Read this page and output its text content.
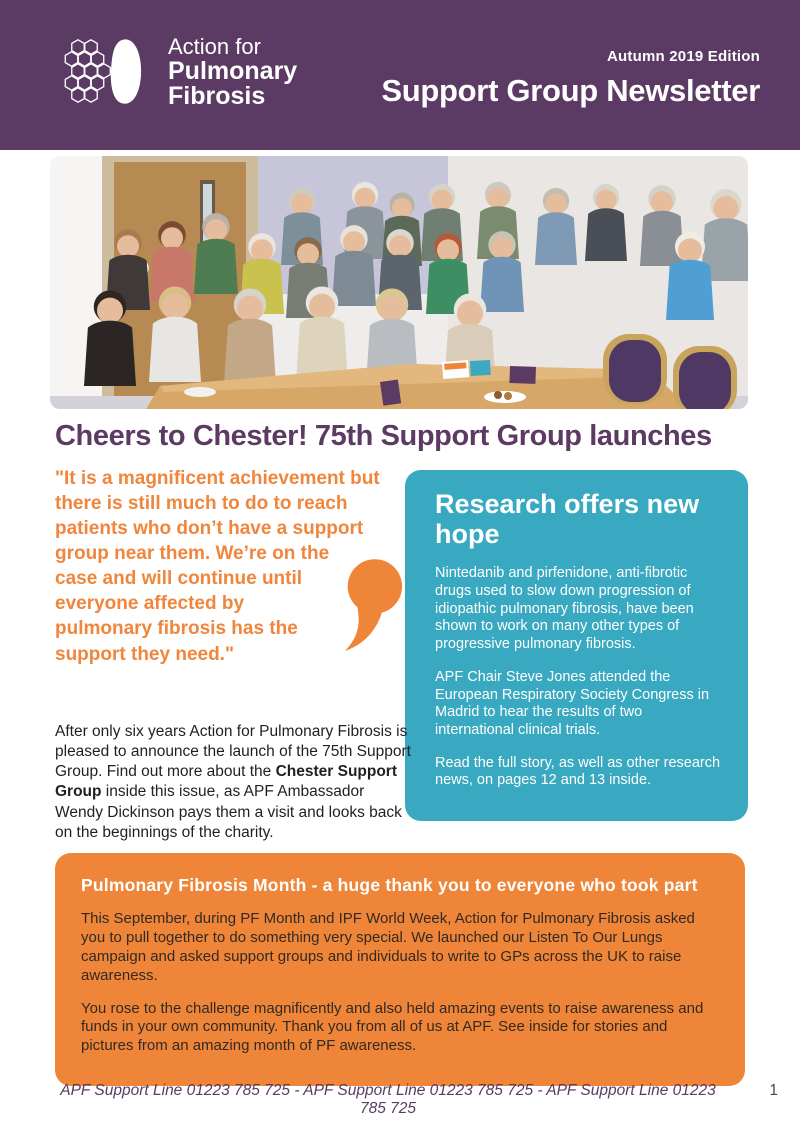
Action for
Pulmonary
Fibrosis
Autumn 2019 Edition
Support Group Newsletter
Cheers to Chester! 75th Support Group launches
"It is a magnificent achievement but there is still much to do to reach patients who don’t have a support group near them.
We’re on the case and will continue until everyone affected by pulmonary fibrosis has the support they need."
Research offers new hope

Nintedanib and pirfenidone, anti-fibrotic drugs used to slow down progression of idiopathic pulmonary fibrosis, have been shown to work on many other types of progressive pulmonary fibrosis.

APF Chair Steve Jones attended the European Respiratory Society Congress in Madrid to hear the results of two international clinical trials.

Read the full story, as well as other research news, on pages 12 and 13 inside.

After only six years Action for Pulmonary Fibrosis is pleased to announce the launch of the 75th Support Group. Find out more about the Chester Support Group inside this issue, as APF Ambassador Wendy Dickinson pays them a visit and looks back on the beginnings of the charity.
Pulmonary Fibrosis Month - a huge thank you to everyone who took part

This September, during PF Month and IPF World Week, Action for Pulmonary Fibrosis asked you to pull together to do something very special. We launched our Listen To Our Lungs campaign and asked support groups and individuals to write to GPs across the UK to raise awareness.

You rose to the challenge magnificently and also held amazing events to raise awareness and funds in your own community. Thank you from all of us at APF. See inside for stories and pictures from an amazing month of PF awareness.

APF Support Line 01223 785 725 - APF Support Line 01223 785 725 - APF Support Line 01223 785 725
1
